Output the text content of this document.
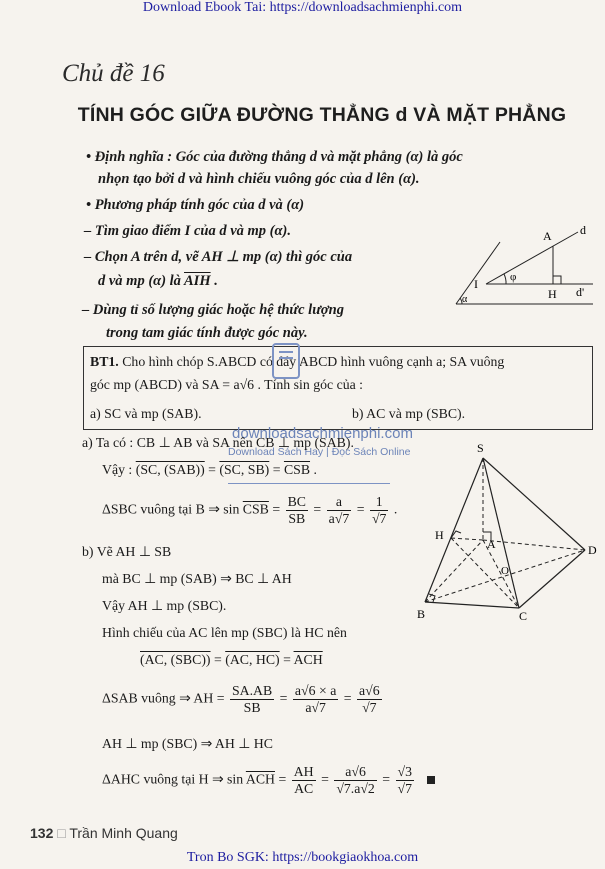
Download Ebook Tai: https://downloadsachmienphi.com
Chủ đề 16
TÍNH GÓC GIỮA ĐƯỜNG THẲNG d VÀ MẶT PHẲNG
• Định nghĩa : Góc của đường thẳng d và mặt phẳng (α) là góc
nhọn tạo bởi d và hình chiếu vuông góc của d lên (α).
• Phương pháp tính góc của d và (α)
– Tìm giao điểm I của d và mp (α).
– Chọn A trên d, vẽ AH ⊥ mp (α) thì góc của
d và mp (α) là $\overline{AIH}$ .
– Dùng tỉ số lượng giác hoặc hệ thức lượng
trong tam giác tính được góc này.
A d
I
H d'
φ
α
BT1. Cho hình chóp S.ABCD có đáy ABCD hình vuông cạnh a; SA vuông
góc mp (ABCD) và SA = a√6 . Tính sin góc của :
a) SC và mp (SAB).	b) AC và mp (SBC).
downloadsachmienphi.com
Download Sách Hay | Đọc Sách Online
a) Ta có : CB ⊥ AB và SA nên CB ⊥ mp (SAB).
Vậy : (SC, (SAB)) = (SC, $SB) = \overline{CSB}$ .
ΔSBC vuông tại B ⇒ $\sin \overline{CSB} = \frac{BC}{SB} = \frac{a}{a√7} = \frac{1}{√7}$ .
b) Vẽ AH ⊥ SB
mà BC ⊥ mp (SAB) ⇒ BC ⊥ AH
Vậy AH ⊥ mp (SBC).
Hình chiếu của AC lên mp (SBC) là HC nên
(AC, (SBC)) = (AC, $HC) = \overline{ACH}$
ΔSAB vuông ⇒ AH = $\frac{SA.AB}{SB} = \frac{a√6 \times a}{a√7} = \frac{a√6}{√7}$
AH ⊥ mp (SBC) ⇒ AH ⊥ HC
ΔAHC vuông tại H ⇒ $\sin \overline{ACH} = \frac{AH}{AC} = \frac{a√6}{√7.a√2} = \frac{√3}{√7}$

S
H
A	D
O
B	C
132 □ Trần Minh Quang
Tron Bo SGK: https://bookgiaokhoa.com
